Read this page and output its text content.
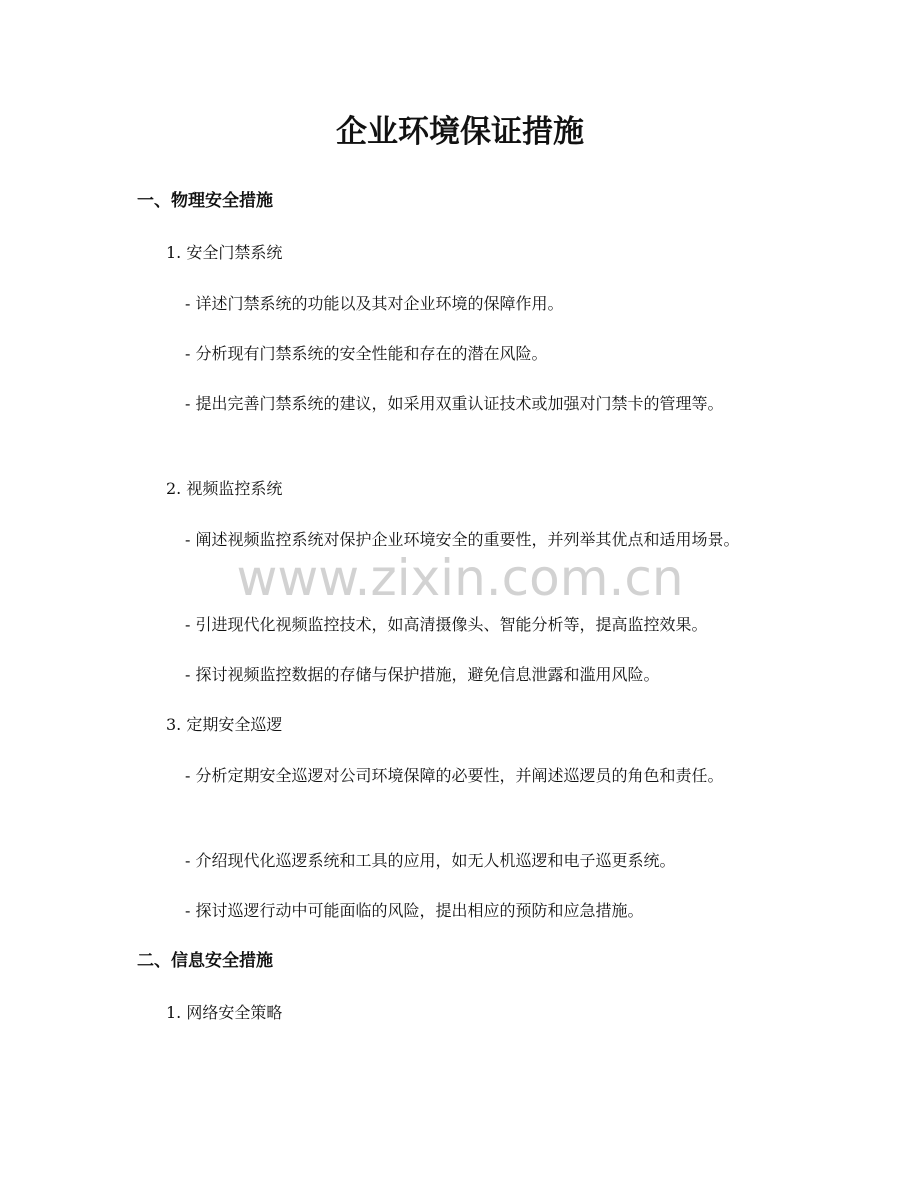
企业环境保证措施
一、物理安全措施

1. 安全门禁系统

- 详述门禁系统的功能以及其对企业环境的保障作用。

- 分析现有门禁系统的安全性能和存在的潜在风险。

- 提出完善门禁系统的建议，如采用双重认证技术或加强对门禁卡的管理等。

2. 视频监控系统

- 阐述视频监控系统对保护企业环境安全的重要性，并列举其优点和适用场景。

- 引进现代化视频监控技术，如高清摄像头、智能分析等，提高监控效果。

- 探讨视频监控数据的存储与保护措施，避免信息泄露和滥用风险。

3. 定期安全巡逻

- 分析定期安全巡逻对公司环境保障的必要性，并阐述巡逻员的角色和责任。

- 介绍现代化巡逻系统和工具的应用，如无人机巡逻和电子巡更系统。

- 探讨巡逻行动中可能面临的风险，提出相应的预防和应急措施。

二、信息安全措施

1. 网络安全策略

www.zixin.com.cn
